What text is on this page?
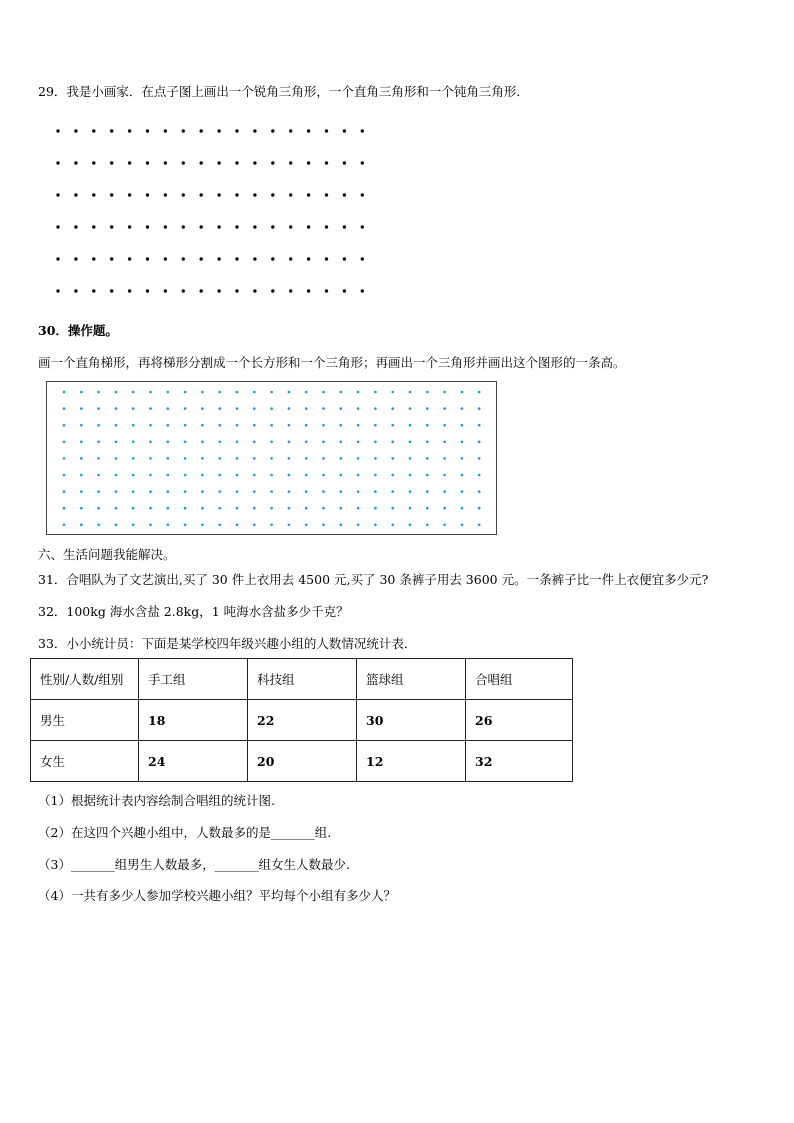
29．我是小画家．在点子图上画出一个锐角三角形，一个直角三角形和一个钝角三角形．
30．操作题。
画一个直角梯形，再将梯形分割成一个长方形和一个三角形；再画出一个三角形并画出这个图形的一条高。
六、生活问题我能解决。
31．合唱队为了文艺演出,买了 30 件上衣用去 4500 元,买了 30 条裤子用去 3600 元。一条裤子比一件上衣便宜多少元?
32．100kg 海水含盐 2.8kg，1 吨海水含盐多少千克？
33．小小统计员：下面是某学校四年级兴趣小组的人数情况统计表．
性别/人数/组别	手工组	科技组	篮球组	合唱组
男生	18	22	30	26
女生	24	20	12	32
（1）根据统计表内容绘制合唱组的统计图.
（2）在这四个兴趣小组中，人数最多的是_______组.
（3）_______组男生人数最多，_______组女生人数最少.
（4）一共有多少人参加学校兴趣小组？平均每个小组有多少人？
